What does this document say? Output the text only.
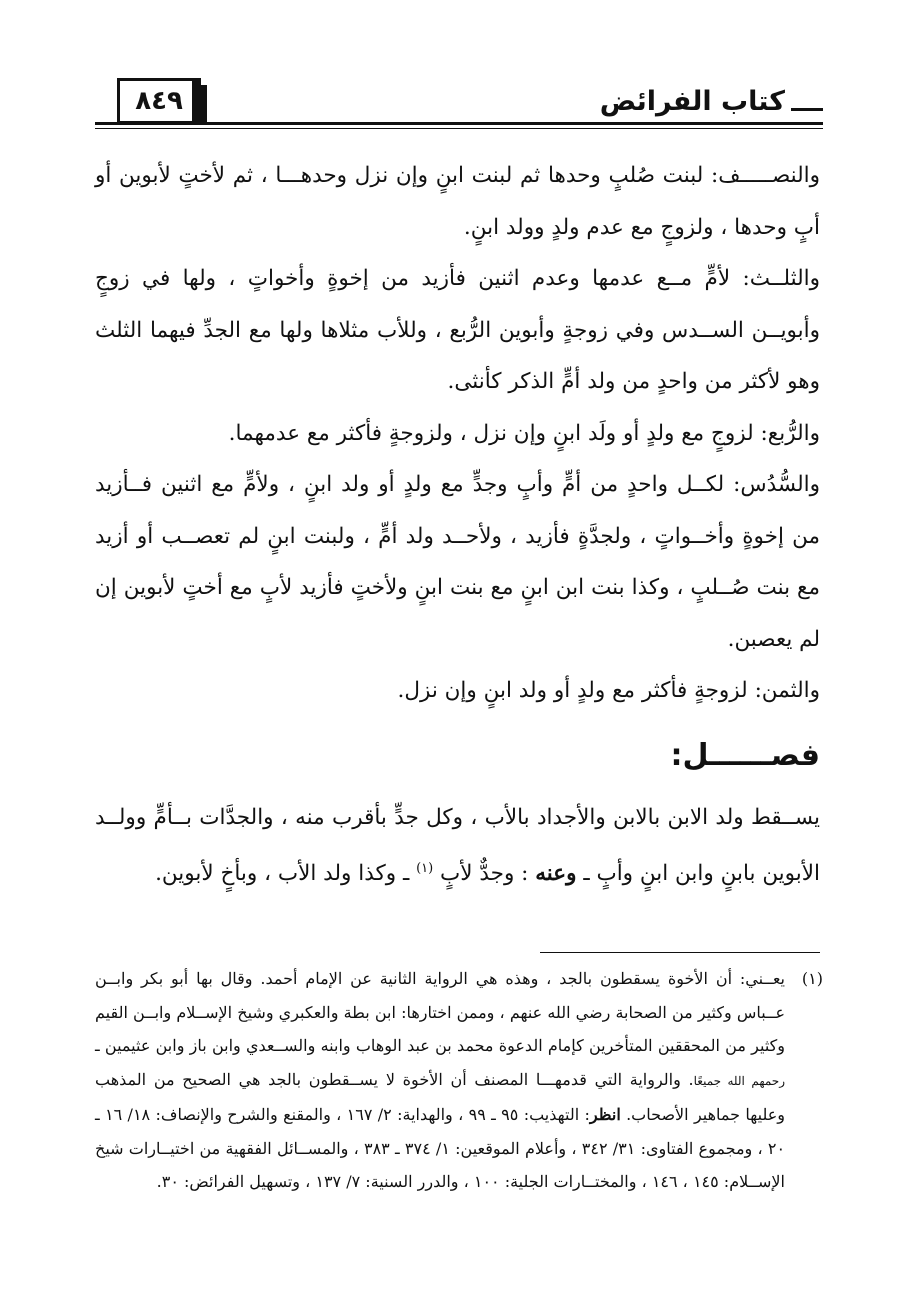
٨٤٩	كتاب الفرائض

والنصـــــف: لبنت صُلبٍ وحدها ثم لبنت ابنٍ وإن نزل وحدهـــا ، ثم لأختٍ لأبوين أو أبٍ وحدها ، ولزوجٍ مع عدم ولدٍ وولد ابنٍ.

والثلــث: لأمٍّ مــع عدمها وعدم اثنين فأزيد من إخوةٍ وأخواتٍ ، ولها في زوجٍ وأبويــن الســدس وفي زوجةٍ وأبوين الرُّبع ، وللأب مثلاها ولها مع الجدِّ فيهما الثلث وهو لأكثر من واحدٍ من ولد أمٍّ الذكر كأنثى.

والرُّبع: لزوجٍ مع ولدٍ أو ولَد ابنٍ وإن نزل ، ولزوجةٍ فأكثر مع عدمهما.

والسُّدُس: لكــل واحدٍ من أمٍّ وأبٍ وجدٍّ مع ولدٍ أو ولد ابنٍ ، ولأمٍّ مع اثنين فــأزيد من إخوةٍ وأخــواتٍ ، ولجدَّةٍ فأزيد ، ولأحــد ولد أمٍّ ، ولبنت ابنٍ لم تعصــب أو أزيد مع بنت صُــلبٍ ، وكذا بنت ابن ابنٍ مع بنت ابنٍ ولأختٍ فأزيد لأبٍ مع أختٍ لأبوين إن لم يعصبن.

والثمن: لزوجةٍ فأكثر مع ولدٍ أو ولد ابنٍ وإن نزل.

فصــــــل:

يســقط ولد الابن بالابن والأجداد بالأب ، وكل جدٍّ بأقرب منه ، والجدَّات بــأمٍّ وولــد الأبوين بابنٍ وابن ابنٍ وأبٍ ـ وعنه : وجدٌّ لأبٍ $^{(١)}$ ـ وكذا ولد الأب ، وبأخٍ لأبوين.

(١)
يعــني: أن الأخوة يسقطون بالجد ، وهذه هي الرواية الثانية عن الإمام أحمد. وقال بها أبو بكر وابــن عــباس وكثير من الصحابة رضي الله عنهم ، وممن اختارها: ابن بطة والعكبري وشيخ الإســلام وابــن القيم وكثير من المحققين المتأخرين كإمام الدعوة محمد بن عبد الوهاب وابنه والســعدي وابن باز وابن عثيمين ـ رحمهم الله جميعًا. والرواية التي قدمهـــا المصنف أن الأخوة لا يســقطون بالجد هي الصحيح من المذهب وعليها جماهير الأصحاب. انظر: التهذيب: ٩٥ ـ ٩٩ ، والهداية: ٢/ ١٦٧ ، والمقنع والشرح والإنصاف: ١٨/ ١٦ ـ ٢٠ ، ومجموع الفتاوى: ٣١/ ٣٤٢ ، وأعلام الموقعين: ١/ ٣٧٤ ـ ٣٨٣ ، والمســائل الفقهية من اختيــارات شيخ الإســلام: ١٤٥ ، ١٤٦ ، والمختــارات الجلية: ١٠٠ ، والدرر السنية: ٧/ ١٣٧ ، وتسهيل الفرائض: ٣٠.
